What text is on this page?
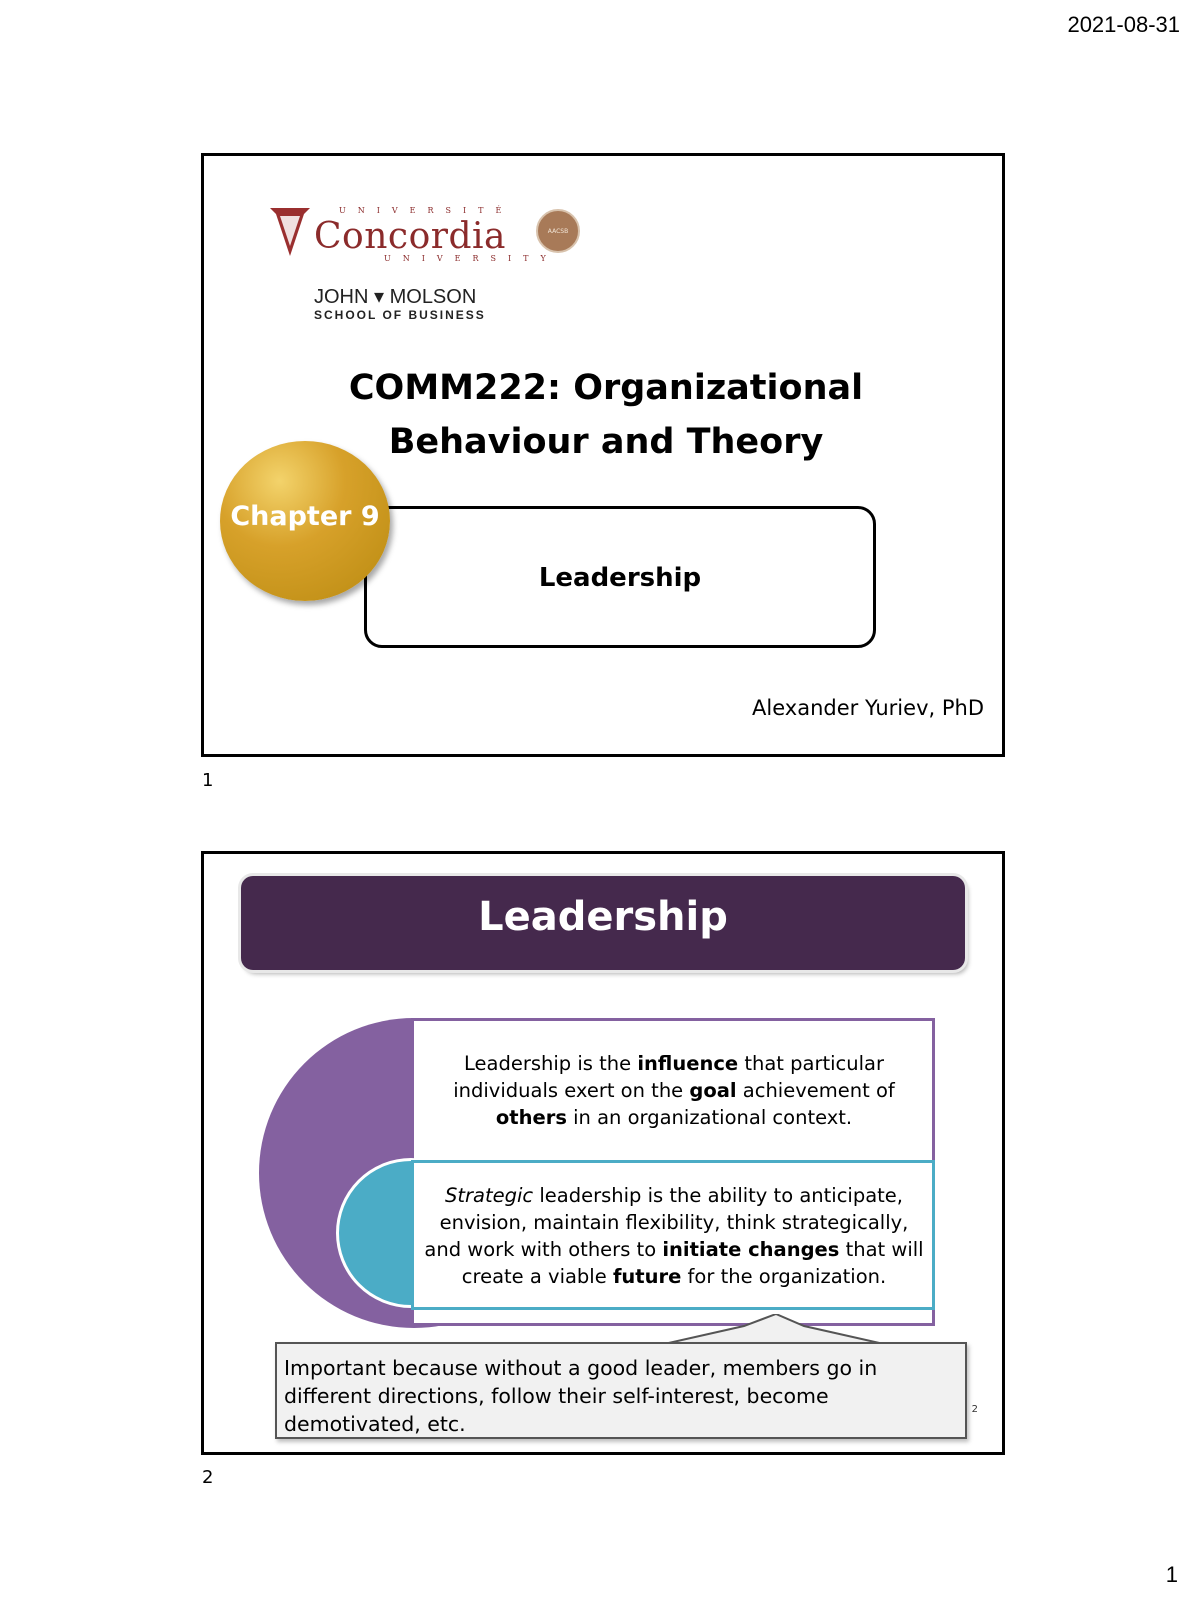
2021-08-31
UNIVERSITÉ
Concordia
UNIVERSITY
AACSB
JOHN ▾ MOLSON
SCHOOL OF BUSINESS
COMM222: Organizational
Behaviour and Theory
Leadership
Chapter 9
Alexander Yuriev, PhD
1
Leadership
Leadership is the influence that particular individuals exert on the goal achievement of others in an organizational context.
Strategic leadership is the ability to anticipate, envision, maintain flexibility, think strategically, and work with others to initiate changes that will create a viable future for the organization.
Important because without a good leader, members go in different directions, follow their self-interest, become demotivated, etc.
2
2
1
